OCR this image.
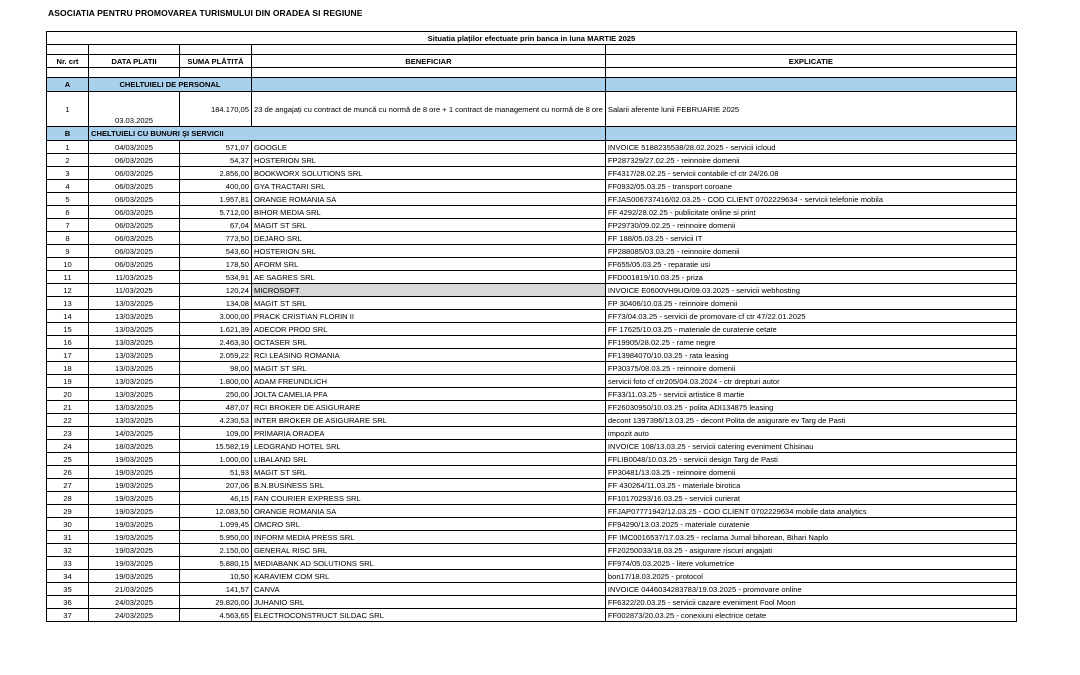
ASOCIATIA PENTRU PROMOVAREA TURISMULUI DIN ORADEA SI REGIUNE
Situatia plaților efectuate prin banca in luna MARTIE 2025				

Nr. crt	DATA PLATII	SUMA PLĂTITĂ	BENEFICIAR	EXPLICATIE

A	CHELTUIELI DE PERSONAL			
1	03.03.2025	184.170,05	23 de angajați cu contract de muncă cu normă de 8 ore + 1 contract de management cu normă de 8 ore	Salarii aferente lunii FEBRUARIE 2025
B	CHELTUIELI CU BUNURI ŞI SERVICII			
1	04/03/2025	571,07	GOOGLE	INVOICE 5188235538/28.02.2025 - servicii icloud
2	06/03/2025	54,37	HOSTERION SRL	FP287329/27.02.25 - reinnoire domenii
3	06/03/2025	2.856,00	BOOKWORX SOLUTIONS SRL	FF4317/28.02.25 - servicii contabile cf ctr 24/26.08
4	06/03/2025	400,00	GYA TRACTARI SRL	FF0932/05.03.25 - transport coroane
5	06/03/2025	1.957,81	ORANGE ROMANIA SA	FFJAS006737416/02.03.25 - COD CLIENT 0702229634 - servicii telefonie mobila
6	06/03/2025	5.712,00	BIHOR MEDIA SRL	FF 4292/28.02.25 - publicitate online si print
7	06/03/2025	67,04	MAGIT ST SRL	FP29730/09.02.25 - reinnoire domenii
8	06/03/2025	773,50	DEJARO SRL	FF 188/05.03.25 - servicii IT
9	06/03/2025	543,60	HOSTERION SRL	FP288085/03.03.25 - reinnoire domenii
10	06/03/2025	178,50	AFORM SRL	FF655/05.03.25 - reparatie usi
11	11/03/2025	534,91	AE SAGRES SRL	FFD001819/10.03.25 - priza
12	11/03/2025	120,24	MICROSOFT	INVOICE E0600VH9UO/09.03.2025 - servicii webhosting
13	13/03/2025	134,08	MAGIT ST SRL	FP 30406/10.03.25 - reinnoire domenii
14	13/03/2025	3.000,00	PRACK CRISTIAN FLORIN II	FF73/04.03.25 - servicii de promovare cf ctr 47/22.01.2025
15	13/03/2025	1.621,39	ADECOR PROD SRL	FF 17625/10.03.25 - materiale de curatenie cetate
16	13/03/2025	2.463,30	OCTASER SRL	FF19905/28.02.25 - rame negre
17	13/03/2025	2.059,22	RCI LEASING ROMANIA	FF13984070/10.03.25 - rata leasing
18	13/03/2025	98,00	MAGIT ST SRL	FP30375/08.03.25 - reinnoire domenii
19	13/03/2025	1.800,00	ADAM FREUNDLICH	servicii foto cf ctr205/04.03.2024 - ctr drepturi autor
20	13/03/2025	250,00	JOLTA CAMELIA PFA	FF33/11.03.25 - servicii artistice 8 martie
21	13/03/2025	487,07	RCI BROKER DE ASIGURARE	FF26030950/10.03.25 - polita ADI134875 leasing
22	13/03/2025	4.230,53	INTER BROKER DE ASIGURARE SRL	decont 1397396/13.03.25 - decont Polita de asigurare ev Targ de Pasti
23	14/03/2025	109,00	PRIMARIA ORADEA	impozit auto
24	18/03/2025	15.582,19	LEOGRAND HOTEL SRL	INVOICE 108/13.03.25 - servicii catering eveniment Chisinau
25	19/03/2025	1.000,00	LIBALAND SRL	FFLIB0048/10.03.25 - servicii design Targ de Pasti
26	19/03/2025	51,93	MAGIT ST SRL	FP30481/13.03.25 - reinnoire domenii
27	19/03/2025	207,06	B.N.BUSINESS SRL	FF 430264/11.03.25 - materiale birotica
28	19/03/2025	46,15	FAN COURIER EXPRESS SRL	FF10170293/16.03.25 - servicii curierat
29	19/03/2025	12.083,50	ORANGE ROMANIA SA	FFJAP07771942/12.03.25 - COD CLIENT 0702229634 mobile data analytics
30	19/03/2025	1.099,45	OMCRO SRL	FF94290/13.03.2025 - materiale curatenie
31	19/03/2025	5.950,00	INFORM MEDIA PRESS SRL	FF IMC0016537/17.03.25 - reclama Jurnal bihorean, Bihari Naplo
32	19/03/2025	2.150,00	GENERAL RISC SRL	FF20250033/18.03.25 - asigurare riscuri angajati
33	19/03/2025	5.880,15	MEDIABANK AD SOLUTIONS SRL	FF974/05.03.2025 - litere volumetrice
34	19/03/2025	10,50	KARAVIEM COM SRL	bon17/18.03.2025 - protocol
35	21/03/2025	141,57	CANVA	INVOICE 0446034283783/19.03.2025 - promovare online
36	24/03/2025	29.820,00	JUHANIO SRL	FF6322/20.03.25 - servicii cazare eveniment Fool Moon
37	24/03/2025	4.563,65	ELECTROCONSTRUCT SILDAC SRL	FF002873/20.03.25 - conexiuni electrice cetate
